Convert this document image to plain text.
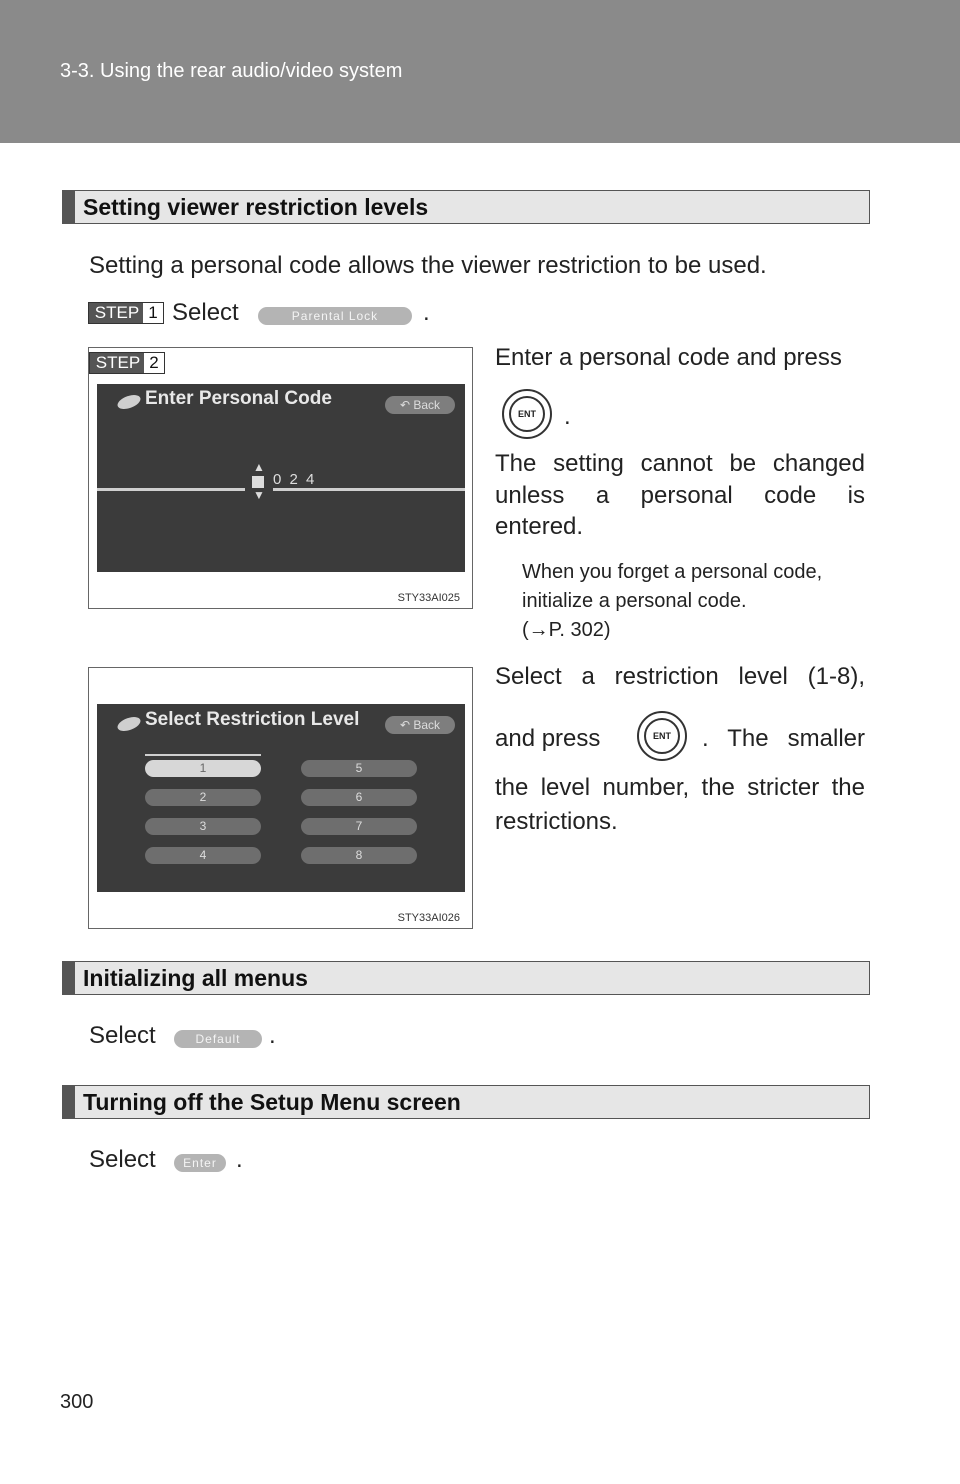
3-3. Using the rear audio/video system
Setting viewer restriction levels
Setting a personal code allows the viewer restriction to be used.
STEP 1 Select	Parental Lock	.
STEP 2
Enter Personal Code	↶ Back
▲
▼
0 2 4
STY33AI025
Enter a personal code and press
ENT	.
The setting cannot be changed
unless a personal code is
entered.
When you forget a personal code,
initialize a personal code.
(→P. 302)
Select Restriction Level	↶ Back
1
2
3
4
5
6
7
8
STY33AI026
Select a restriction level (1-8),
and press	ENT	. The smaller
the level number, the stricter the
restrictions.
Initializing all menus
Select	Default	.
Turning off the Setup Menu screen
Select	Enter .
300
